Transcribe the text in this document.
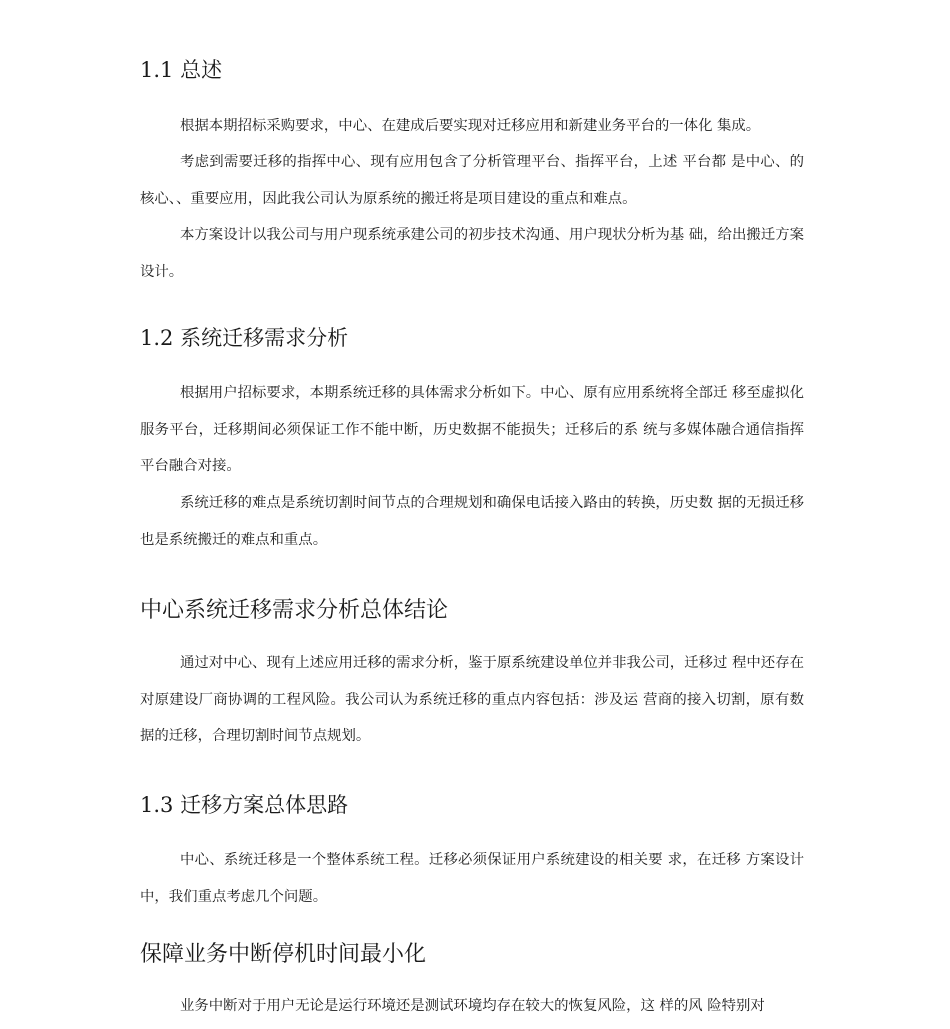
1.1 总述

根据本期招标采购要求，中心、在建成后要实现对迁移应用和新建业务平台的一体化 集成。

考虑到需要迁移的指挥中心、现有应用包含了分析管理平台、指挥平台，上述 平台都 是中心、的核心、、重要应用，因此我公司认为原系统的搬迁将是项目建设的重点和难点。

本方案设计以我公司与用户现系统承建公司的初步技术沟通、用户现状分析为基 础，给出搬迁方案设计。

1.2 系统迁移需求分析

根据用户招标要求，本期系统迁移的具体需求分析如下。中心、原有应用系统将全部迁 移至虚拟化服务平台，迁移期间必须保证工作不能中断，历史数据不能损失；迁移后的系 统与多媒体融合通信指挥平台融合对接。

系统迁移的难点是系统切割时间节点的合理规划和确保电话接入路由的转换，历史数 据的无损迁移也是系统搬迁的难点和重点。

中心系统迁移需求分析总体结论

通过对中心、现有上述应用迁移的需求分析，鉴于原系统建设单位并非我公司，迁移过 程中还存在对原建设厂商协调的工程风险。我公司认为系统迁移的重点内容包括：涉及运 营商的接入切割，原有数据的迁移，合理切割时间节点规划。

1.3 迁移方案总体思路

中心、系统迁移是一个整体系统工程。迁移必须保证用户系统建设的相关要 求，在迁移 方案设计中，我们重点考虑几个问题。

保障业务中断停机时间最小化

业务中断对于用户无论是运行环境还是测试环境均存在较大的恢复风险，这 样的风 险特别对
